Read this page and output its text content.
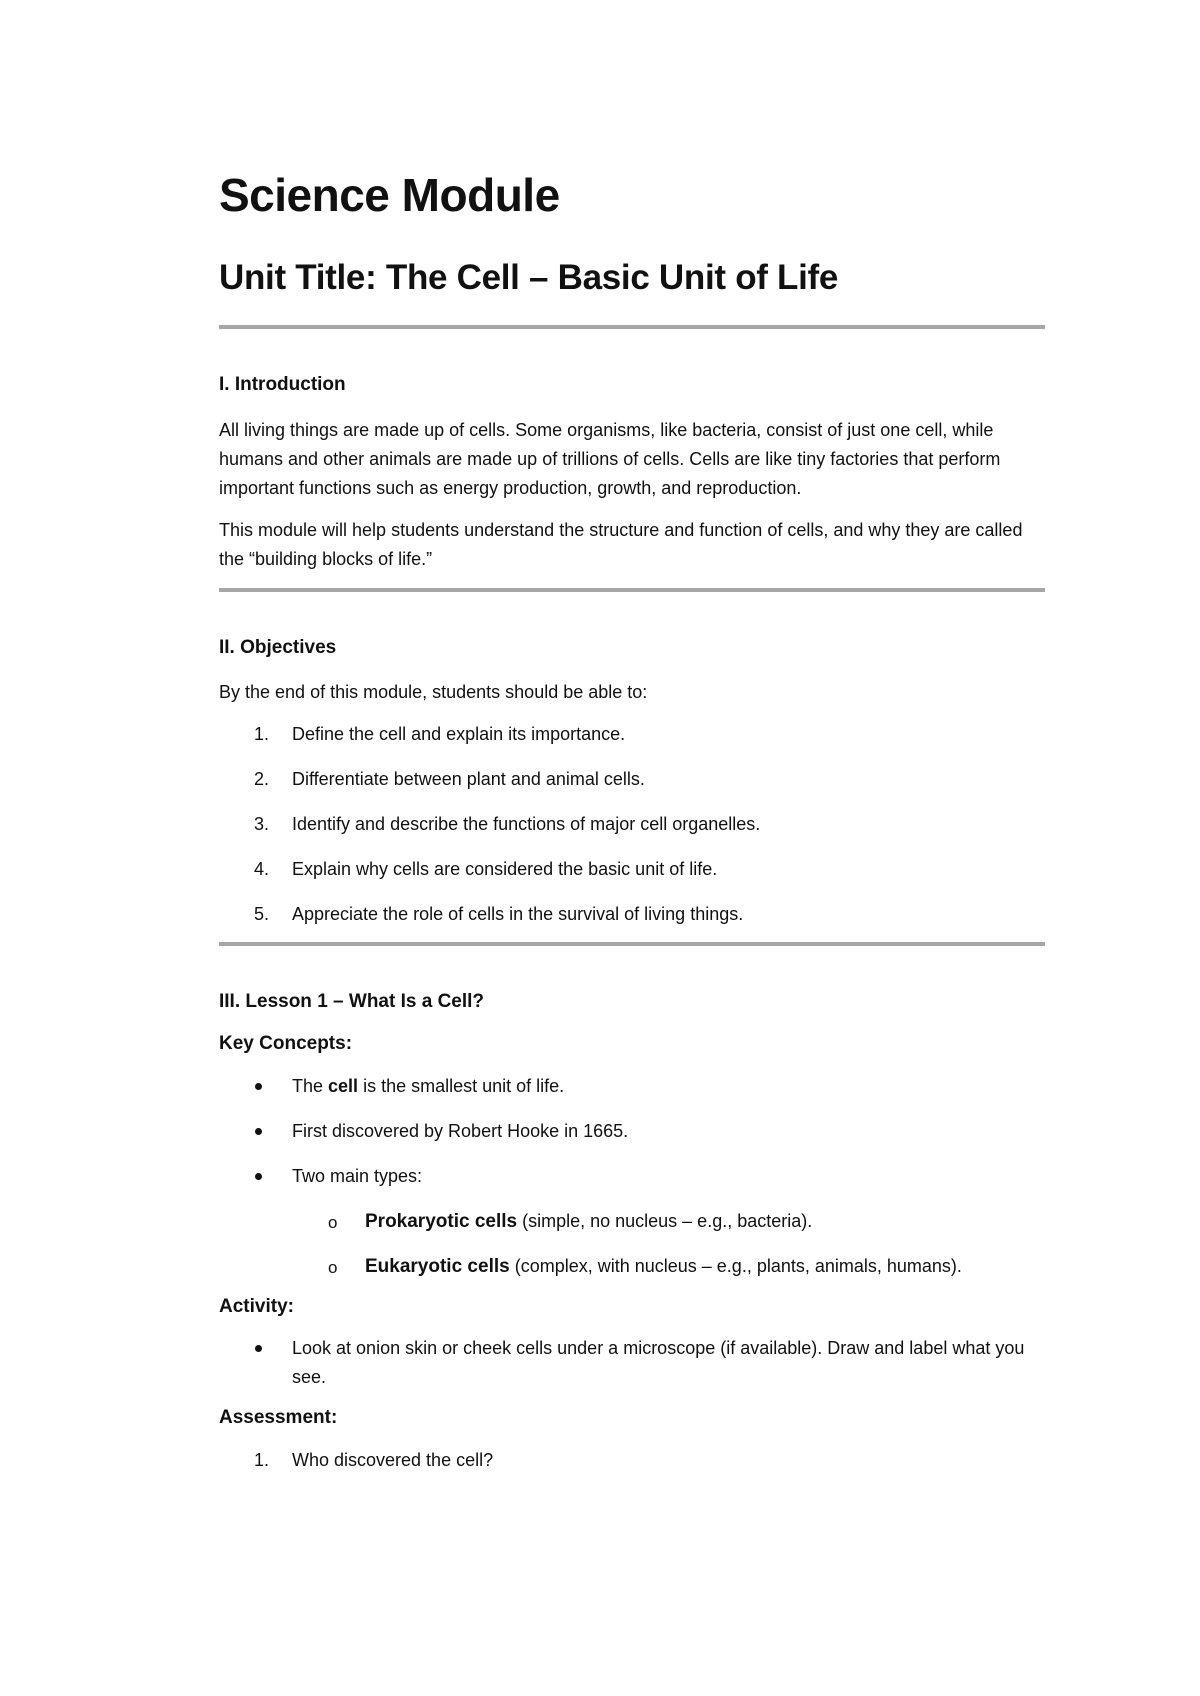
Science Module
Unit Title: The Cell – Basic Unit of Life
I. Introduction

All living things are made up of cells. Some organisms, like bacteria, consist of just one cell, while humans and other animals are made up of trillions of cells. Cells are like tiny factories that perform important functions such as energy production, growth, and reproduction.

This module will help students understand the structure and function of cells, and why they are called the “building blocks of life.”

II. Objectives

By the end of this module, students should be able to:

1. Define the cell and explain its importance.
2. Differentiate between plant and animal cells.
3. Identify and describe the functions of major cell organelles.
4. Explain why cells are considered the basic unit of life.
5. Appreciate the role of cells in the survival of living things.
III. Lesson 1 – What Is a Cell?
Key Concepts:
The cell is the smallest unit of life.
First discovered by Robert Hooke in 1665.
Two main types:
o Prokaryotic cells (simple, no nucleus – e.g., bacteria).
o Eukaryotic cells (complex, with nucleus – e.g., plants, animals, humans).
Activity:
Look at onion skin or cheek cells under a microscope (if available). Draw and label what you see.
Assessment:
1. Who discovered the cell?
